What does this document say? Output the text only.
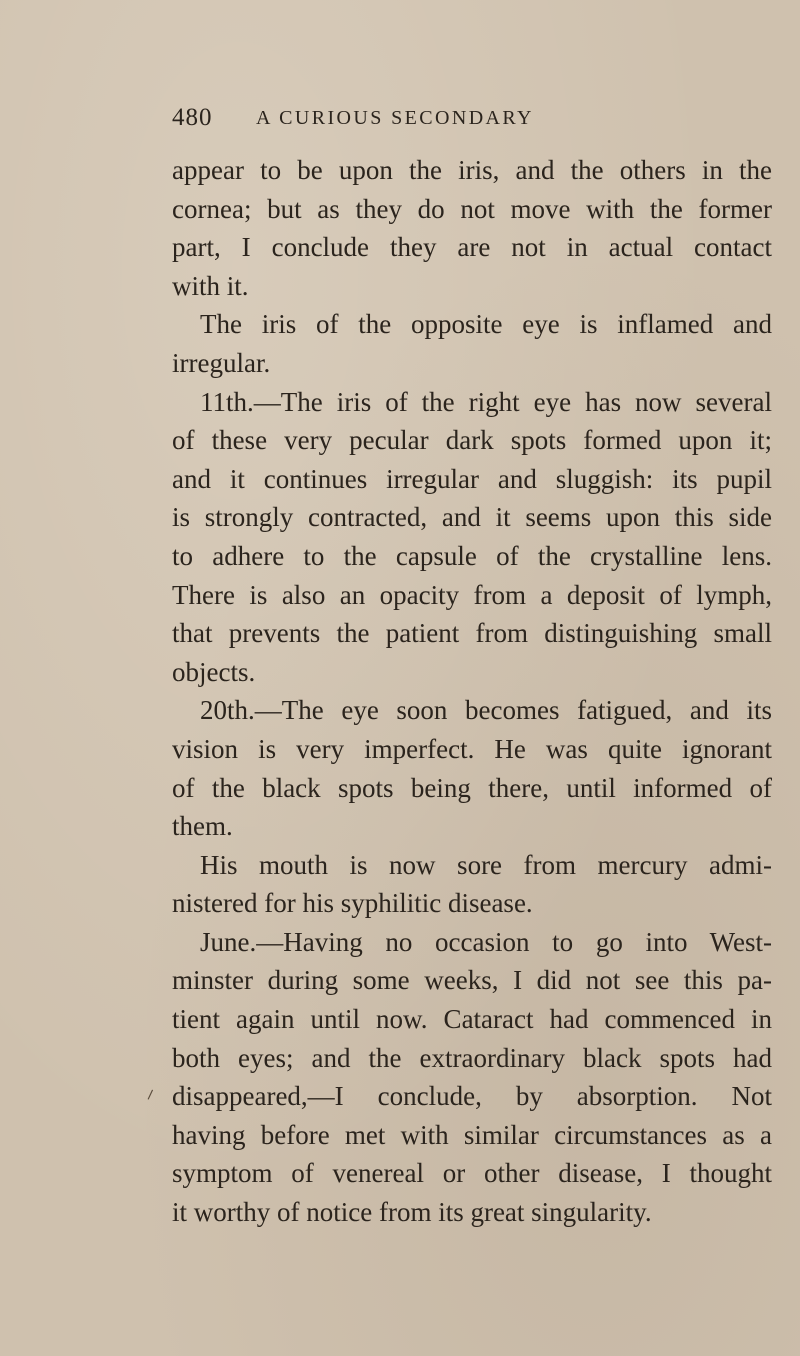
480 A CURIOUS SECONDARY
⸍
appear to be upon the iris, and the others in the
cornea; but as they do not move with the former
part, I conclude they are not in actual contact
with it.
The iris of the opposite eye is inflamed and
irregular.
11th.—The iris of the right eye has now several
of these very pecular dark spots formed upon it;
and it continues irregular and sluggish: its pupil
is strongly contracted, and it seems upon this side
to adhere to the capsule of the crystalline lens.
There is also an opacity from a deposit of lymph,
that prevents the patient from distinguishing small
objects.
20th.—The eye soon becomes fatigued, and its
vision is very imperfect. He was quite ignorant
of the black spots being there, until informed of
them.
His mouth is now sore from mercury admi-
nistered for his syphilitic disease.
June.—Having no occasion to go into West-
minster during some weeks, I did not see this pa-
tient again until now. Cataract had commenced in
both eyes; and the extraordinary black spots had
disappeared,—I conclude, by absorption. Not
having before met with similar circumstances as a
symptom of venereal or other disease, I thought
it worthy of notice from its great singularity.
